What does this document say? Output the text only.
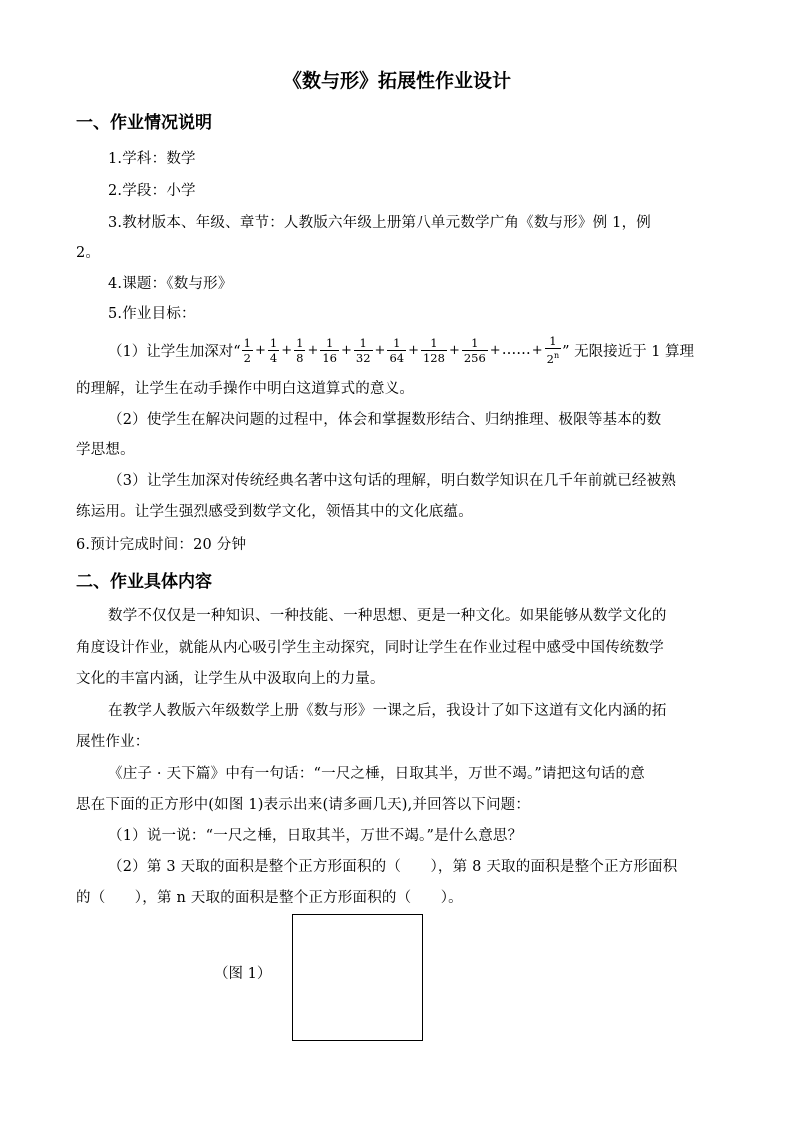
《数与形》拓展性作业设计
一、作业情况说明
1.学科：数学
2.学段：小学
3.教材版本、年级、章节：人教版六年级上册第八单元数学广角《数与形》例 1，例
2。
4.课题：《数与形》
5.作业目标：
（1）让学生加深对“ $\frac{1}{2} + \frac{1}{4} + \frac{1}{8} + \frac{1}{16} + \frac{1}{32} + \frac{1}{64} + \frac{1}{128} + \frac{1}{256}$ + …… + $\frac{1}{2^n}$ ” 无限接近于 1 算理
的理解，让学生在动手操作中明白这道算式的意义。
（2）使学生在解决问题的过程中，体会和掌握数形结合、归纳推理、极限等基本的数
学思想。
（3）让学生加深对传统经典名著中这句话的理解，明白数学知识在几千年前就已经被熟
练运用。让学生强烈感受到数学文化，领悟其中的文化底蕴。
6.预计完成时间：20 分钟
二、作业具体内容
数学不仅仅是一种知识、一种技能、一种思想、更是一种文化。如果能够从数学文化的
角度设计作业，就能从内心吸引学生主动探究，同时让学生在作业过程中感受中国传统数学
文化的丰富内涵，让学生从中汲取向上的力量。
在教学人教版六年级数学上册《数与形》一课之后，我设计了如下这道有文化内涵的拓
展性作业：
《庄子 · 天下篇》中有一句话：“一尺之棰，日取其半，万世不竭。”请把这句话的意
思在下面的正方形中(如图 1)表示出来(请多画几天),并回答以下问题：
（1）说一说：“一尺之棰，日取其半，万世不竭。”是什么意思？
（2）第 3 天取的面积是整个正方形面积的（　　），第 8 天取的面积是整个正方形面积
的（　　），第 n 天取的面积是整个正方形面积的（　　）。
（图 1）
